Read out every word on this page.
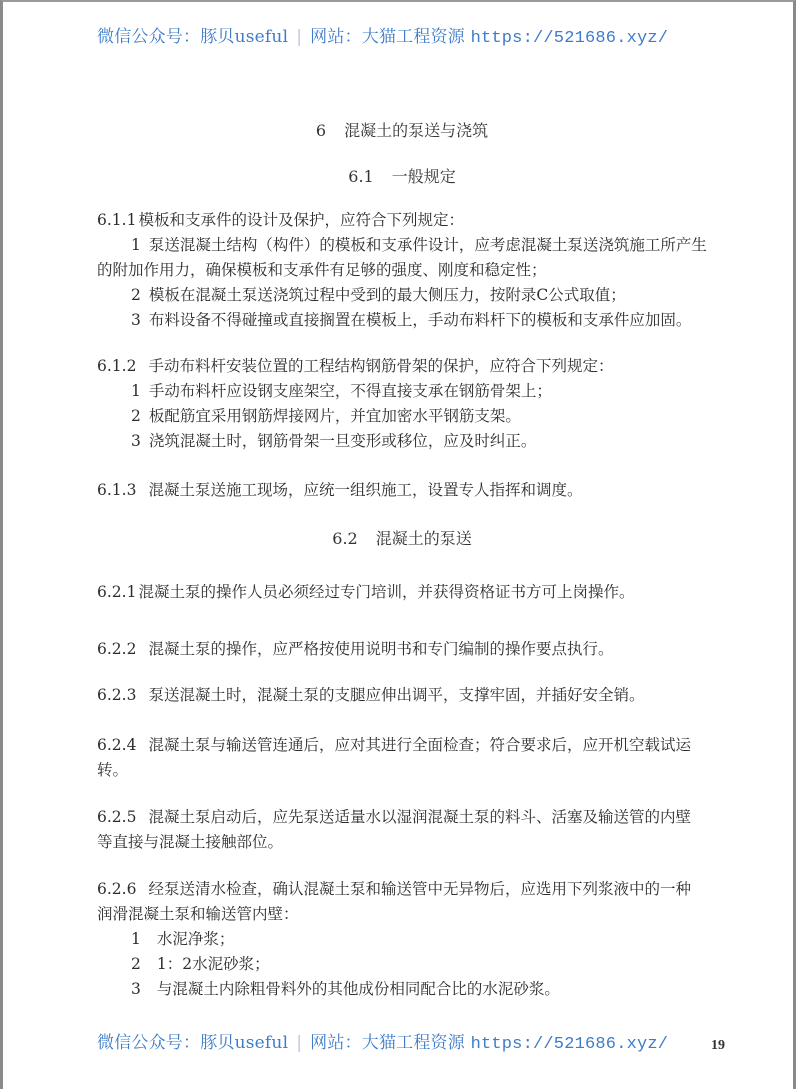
微信公众号：豚贝useful | 网站：大猫工程资源 https://521686.xyz/
6 混凝土的泵送与浇筑
6.1 一般规定
6.1.1 模板和支承件的设计及保护，应符合下列规定：
1 泵送混凝土结构（构件）的模板和支承件设计，应考虑混凝土泵送浇筑施工所产生
的附加作用力，确保模板和支承件有足够的强度、刚度和稳定性；
2 模板在混凝土泵送浇筑过程中受到的最大侧压力，按附录C公式取值；
3 布料设备不得碰撞或直接搁置在模板上，手动布料杆下的模板和支承件应加固。
6.1.2 手动布料杆安装位置的工程结构钢筋骨架的保护，应符合下列规定：
1 手动布料杆应设钢支座架空，不得直接支承在钢筋骨架上；
2 板配筋宜采用钢筋焊接网片，并宜加密水平钢筋支架。
3 浇筑混凝土时，钢筋骨架一旦变形或移位，应及时纠正。
6.1.3 混凝土泵送施工现场，应统一组织施工，设置专人指挥和调度。
6.2 混凝土的泵送
6.2.1 混凝土泵的操作人员必须经过专门培训，并获得资格证书方可上岗操作。
6.2.2 混凝土泵的操作，应严格按使用说明书和专门编制的操作要点执行。
6.2.3 泵送混凝土时，混凝土泵的支腿应伸出调平，支撑牢固，并插好安全销。
6.2.4 混凝土泵与输送管连通后，应对其进行全面检查；符合要求后，应开机空载试运
转。
6.2.5 混凝土泵启动后，应先泵送适量水以湿润混凝土泵的料斗、活塞及输送管的内壁
等直接与混凝土接触部位。
6.2.6 经泵送清水检查，确认混凝土泵和输送管中无异物后，应选用下列浆液中的一种
润滑混凝土泵和输送管内壁：
1 水泥净浆；
2 1：2水泥砂浆；
3 与混凝土内除粗骨料外的其他成份相同配合比的水泥砂浆。
微信公众号：豚贝useful | 网站：大猫工程资源 https://521686.xyz/	19
